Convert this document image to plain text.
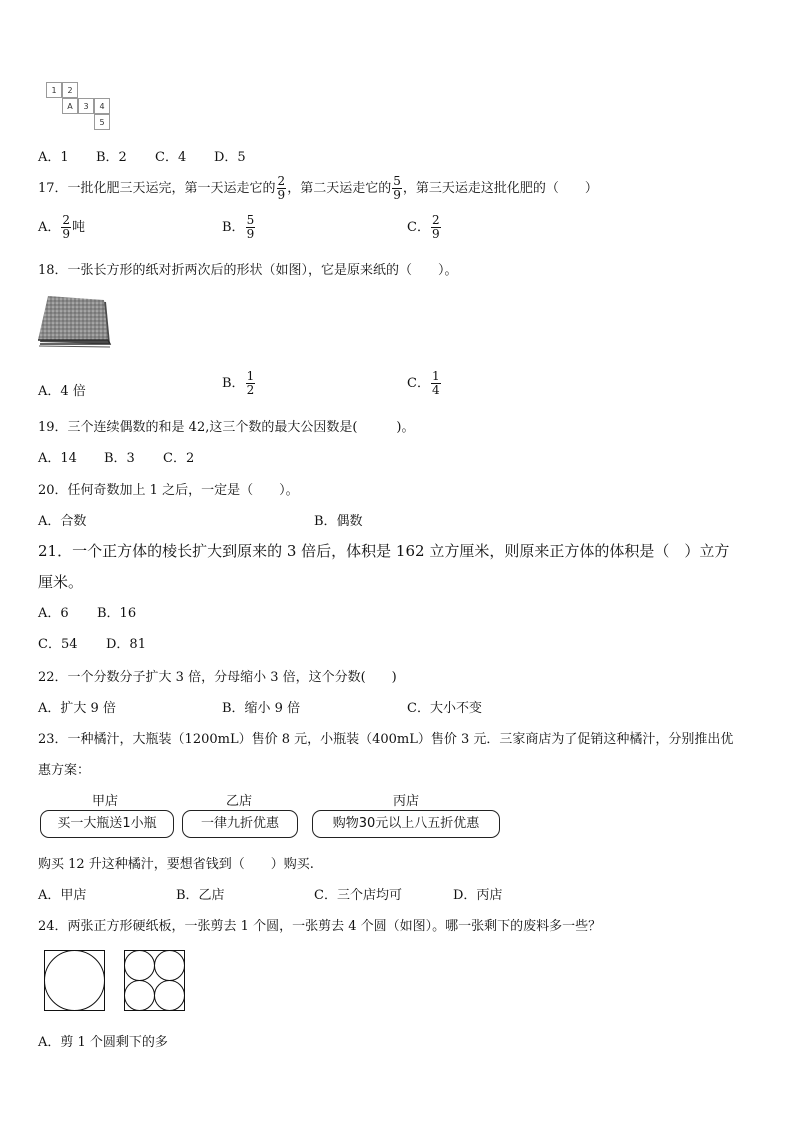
1	2
A	3	4
5
A．1 B．2 C．4 D．5
17．一批化肥三天运完，第一天运走它的 $\frac{2}{9}$ ，第二天运走它的 $\frac{5}{9}$ ，第三天运走这批化肥的（　　）
A． $\frac{2}{9}$ 吨	B． $\frac{5}{9}$	C． $\frac{2}{9}$
18．一张长方形的纸对折两次后的形状（如图），它是原来纸的（　　）。
A．4 倍
B． $\frac{1}{2}$	C． $\frac{1}{4}$
19．三个连续偶数的和是 42,这三个数的最大公因数是(　　　)。
A．14 B．3 C．2
20．任何奇数加上 1 之后，一定是（　　）。
A．合数	B．偶数
21．一个正方体的棱长扩大到原来的 3 倍后，体积是 162 立方厘米，则原来正方体的体积是（　）立方
厘米。
A．6 B．16
C．54 D．81
22．一个分数分子扩大 3 倍，分母缩小 3 倍，这个分数(　　)
A．扩大 9 倍	B．缩小 9 倍	C．大小不变
23．一种橘汁，大瓶装（1200mL）售价 8 元，小瓶装（400mL）售价 3 元．三家商店为了促销这种橘汁，分别推出优
惠方案：
甲店	乙店	丙店
买一大瓶送1小瓶	一律九折优惠	购物30元以上八五折优惠
购买 12 升这种橘汁，要想省钱到（　　）购买.
A．甲店	B．乙店	C．三个店均可	D．丙店
24．两张正方形硬纸板，一张剪去 1 个圆，一张剪去 4 个圆（如图）。哪一张剩下的废料多一些？
A．剪 1 个圆剩下的多
